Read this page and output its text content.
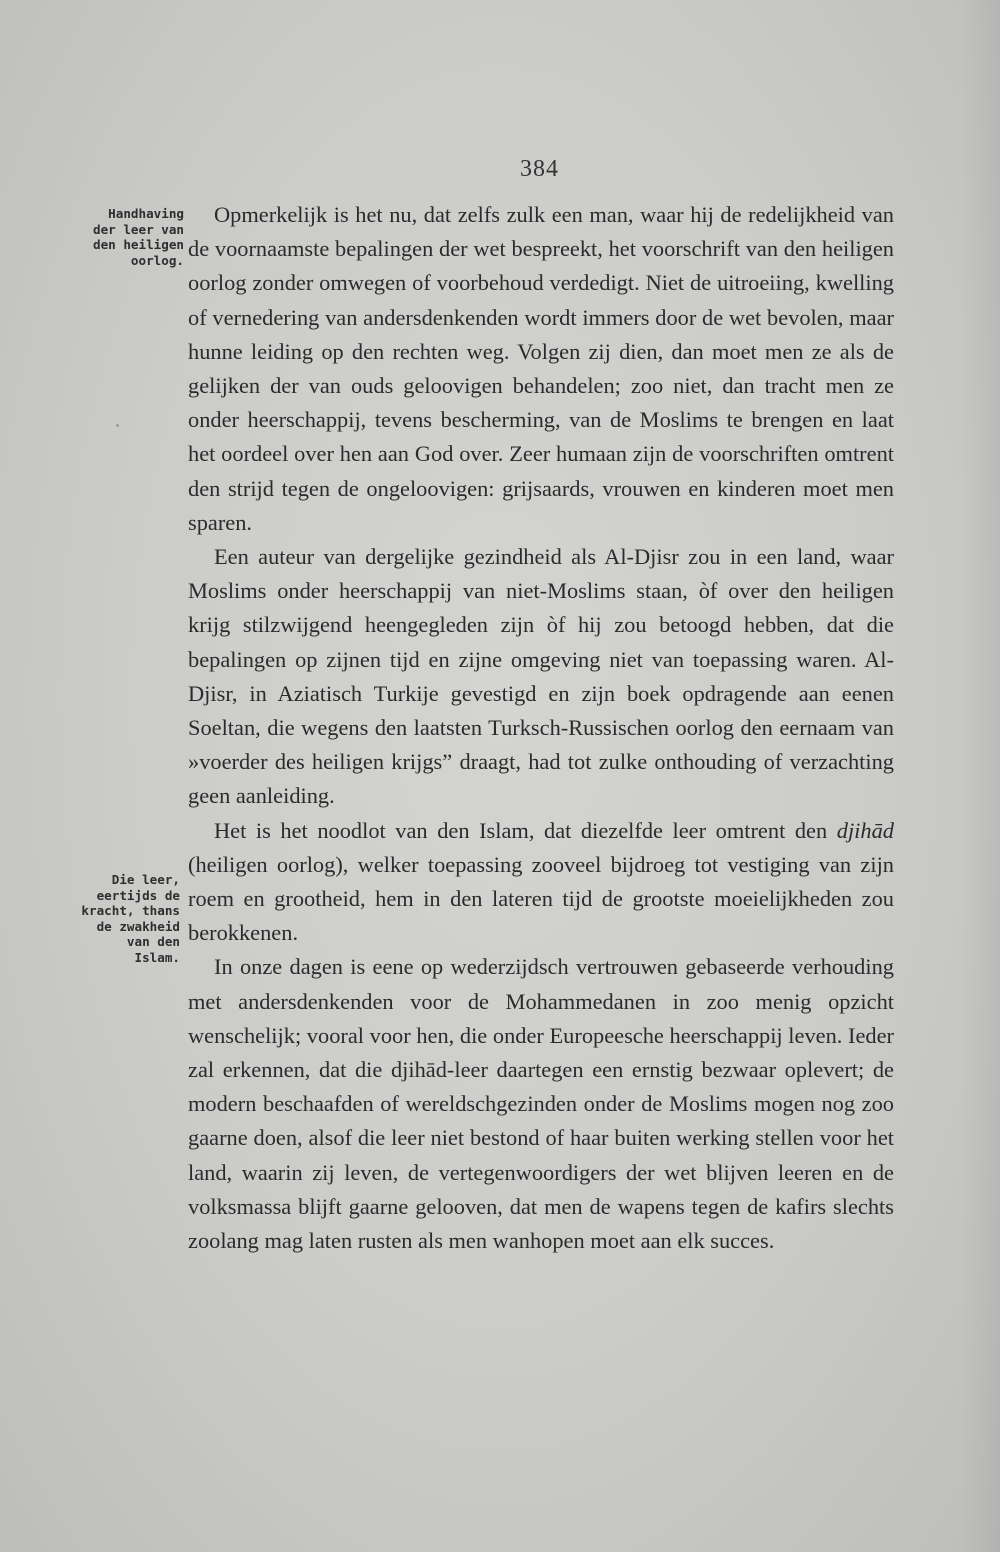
384
Handhaving
der leer van
den heiligen
oorlog.
Die leer,
eertijds de
kracht, thans
de zwakheid
van den
Islam.

Opmerkelijk is het nu, dat zelfs zulk een man, waar hij de redelijkheid van de voornaamste bepalingen der wet bespreekt, het voorschrift van den heiligen oorlog zonder omwegen of voorbehoud verdedigt. Niet de uitroeiing, kwelling of vernedering van andersdenkenden wordt immers door de wet bevolen, maar hunne leiding op den rechten weg. Volgen zij dien, dan moet men ze als de gelijken der van ouds geloovigen behandelen; zoo niet, dan tracht men ze onder heerschappij, tevens bescherming, van de Moslims te brengen en laat het oordeel over hen aan God over. Zeer humaan zijn de voorschriften omtrent den strijd tegen de ongeloovigen: grijsaards, vrouwen en kinderen moet men sparen.

Een auteur van dergelijke gezindheid als Al-Djisr zou in een land, waar Moslims onder heerschappij van niet-Moslims staan, òf over den heiligen krijg stilzwijgend heengegleden zijn òf hij zou betoogd hebben, dat die bepalingen op zijnen tijd en zijne omgeving niet van toepassing waren. Al-Djisr, in Aziatisch Turkije gevestigd en zijn boek opdragende aan eenen Soeltan, die wegens den laatsten Turksch-Russischen oorlog den eernaam van »voerder des heiligen krijgs” draagt, had tot zulke onthouding of verzachting geen aanleiding.

Het is het noodlot van den Islam, dat diezelfde leer omtrent den djihād (heiligen oorlog), welker toepassing zooveel bijdroeg tot vestiging van zijn roem en grootheid, hem in den lateren tijd de grootste moeielijkheden zou berokkenen.

In onze dagen is eene op wederzijdsch vertrouwen gebaseerde verhouding met andersdenkenden voor de Mohammedanen in zoo menig opzicht wenschelijk; vooral voor hen, die onder Europeesche heerschappij leven. Ieder zal erkennen, dat die djihād-leer daartegen een ernstig bezwaar oplevert; de modern beschaafden of wereldschgezinden onder de Moslims mogen nog zoo gaarne doen, alsof die leer niet bestond of haar buiten werking stellen voor het land, waarin zij leven, de vertegenwoordigers der wet blijven leeren en de volksmassa blijft gaarne gelooven, dat men de wapens tegen de kafirs slechts zoolang mag laten rusten als men wanhopen moet aan elk succes.
